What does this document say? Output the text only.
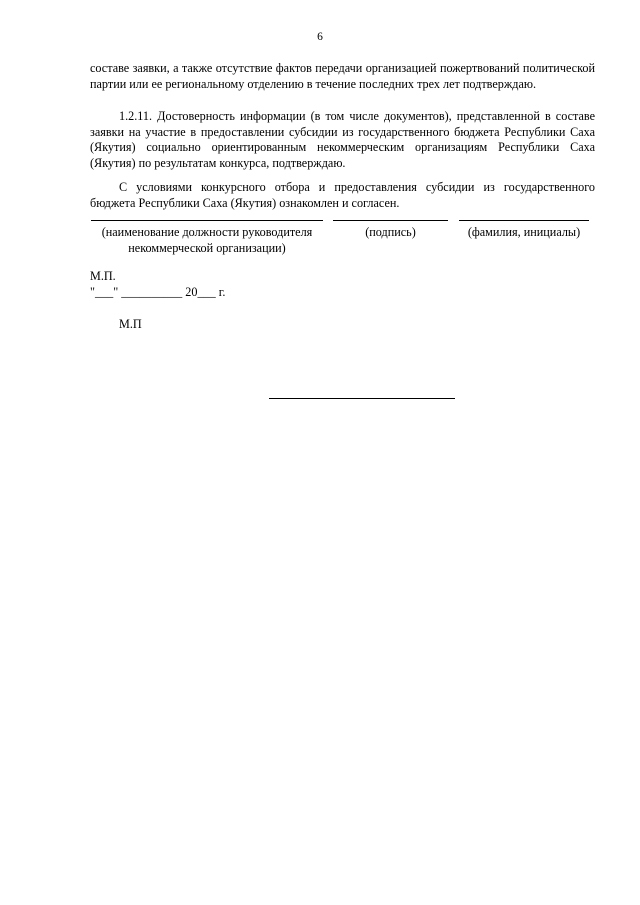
6

составе заявки, а также отсутствие фактов передачи организацией пожертвований политической партии или ее региональному отделению в течение последних трех лет подтверждаю.

1.2.11. Достоверность информации (в том числе документов), представленной в составе заявки на участие в предоставлении субсидии из государственного бюджета Республики Саха (Якутия) социально ориентированным некоммерческим организациям Республики Саха (Якутия) по результатам конкурса, подтверждаю.

С условиями конкурсного отбора и предоставления субсидии из государственного бюджета Республики Саха (Якутия) ознакомлен и согласен.

(наименование должности руководителя
некоммерческой организации)
(подпись)	(фамилия, инициалы)
М.П.
"___" __________ 20___ г.
М.П
